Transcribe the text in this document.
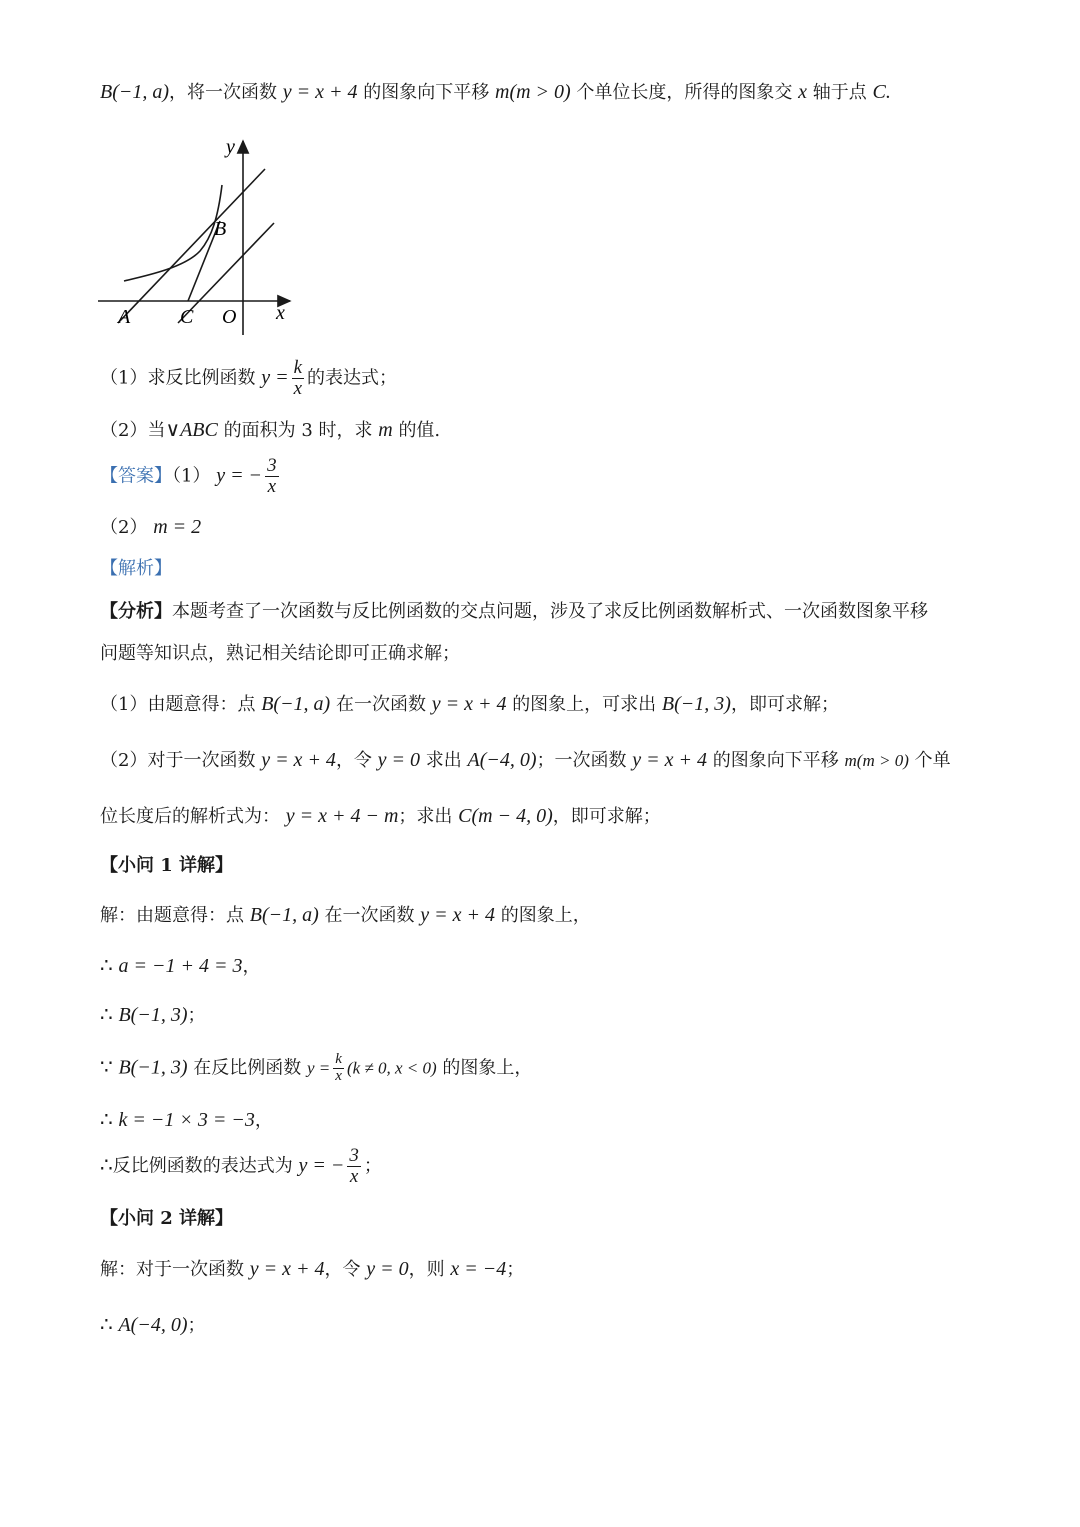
B(−1, a)，将一次函数 y = x + 4 的图象向下平移 m(m > 0) 个单位长度，所得的图象交 x 轴于点 C.
y
x
A
B
C O
（1）求反比例函数 $y = \frac{k}{x}$ 的表达式；
（2）当∨ABC 的面积为 3 时，求 m 的值.
【答案】（1） y = − $\frac{3}{x}$
（2） m = 2
【解析】
【分析】本题考查了一次函数与反比例函数的交点问题，涉及了求反比例函数解析式、一次函数图象平移
问题等知识点，熟记相关结论即可正确求解；
（1）由题意得：点 B(−1, a) 在一次函数 y = x + 4 的图象上，可求出 B(−1, 3)，即可求解；
（2）对于一次函数 y = x + 4，令 y = 0 求出 A(−4, 0)；一次函数 y = x + 4 的图象向下平移 m(m > 0) 个单
位长度后的解析式为： y = x + 4 − m；求出 C(m − 4, 0)，即可求解；
【小问 1 详解】
解：由题意得：点 B(−1, a) 在一次函数 y = x + 4 的图象上，
∴ a = −1 + 4 = 3，
∴ B(−1, 3)；
∵ B(−1, 3) 在反比例函数 $y = \frac{k}{x} (k \ne 0$, x < 0) 的图象上，
∴ k = −1 × 3 = −3，
∴反比例函数的表达式为 y = − $\frac{3}{x}$ ；
【小问 2 详解】
解：对于一次函数 y = x + 4，令 y = 0，则 x = −4；
∴ A(−4, 0)；
